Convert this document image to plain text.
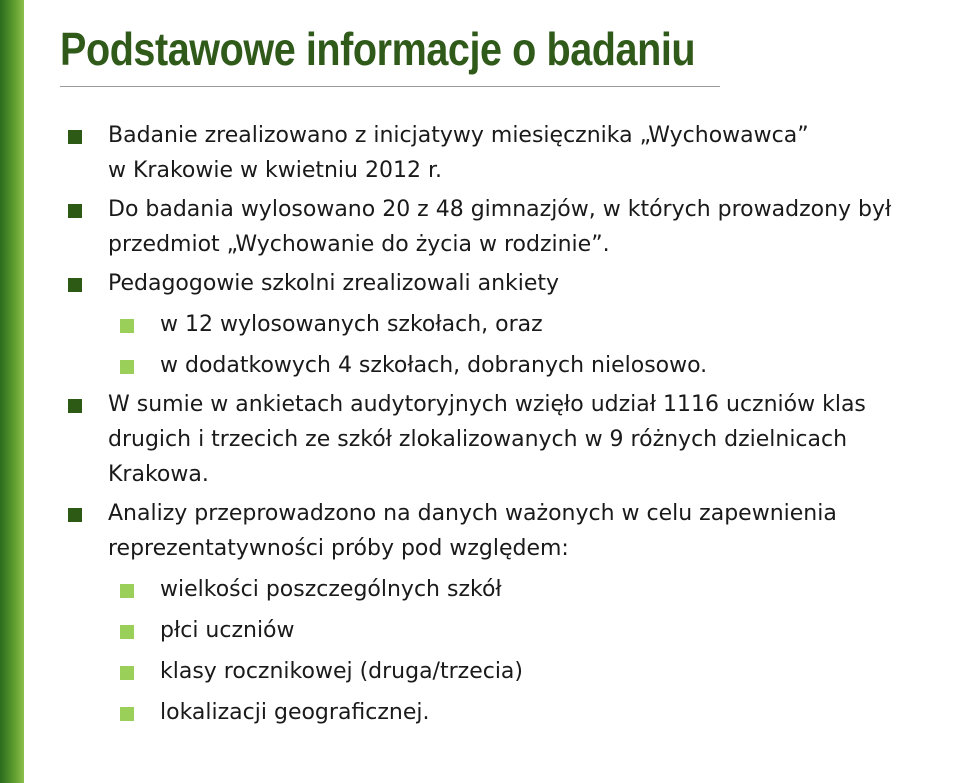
Podstawowe informacje o badaniu
Badanie zrealizowano z inicjatywy miesięcznika „Wychowawca”
w Krakowie w kwietniu 2012 r.
Do badania wylosowano 20 z 48 gimnazjów, w których prowadzony był
przedmiot „Wychowanie do życia w rodzinie”.
Pedagogowie szkolni zrealizowali ankiety
w 12 wylosowanych szkołach, oraz
w dodatkowych 4 szkołach, dobranych nielosowo.
W sumie w ankietach audytoryjnych wzięło udział 1116 uczniów klas
drugich i trzecich ze szkół zlokalizowanych w 9 różnych dzielnicach
Krakowa.
Analizy przeprowadzono na danych ważonych w celu zapewnienia
reprezentatywności próby pod względem:
wielkości poszczególnych szkół
płci uczniów
klasy rocznikowej (druga/trzecia)
lokalizacji geograficznej.
